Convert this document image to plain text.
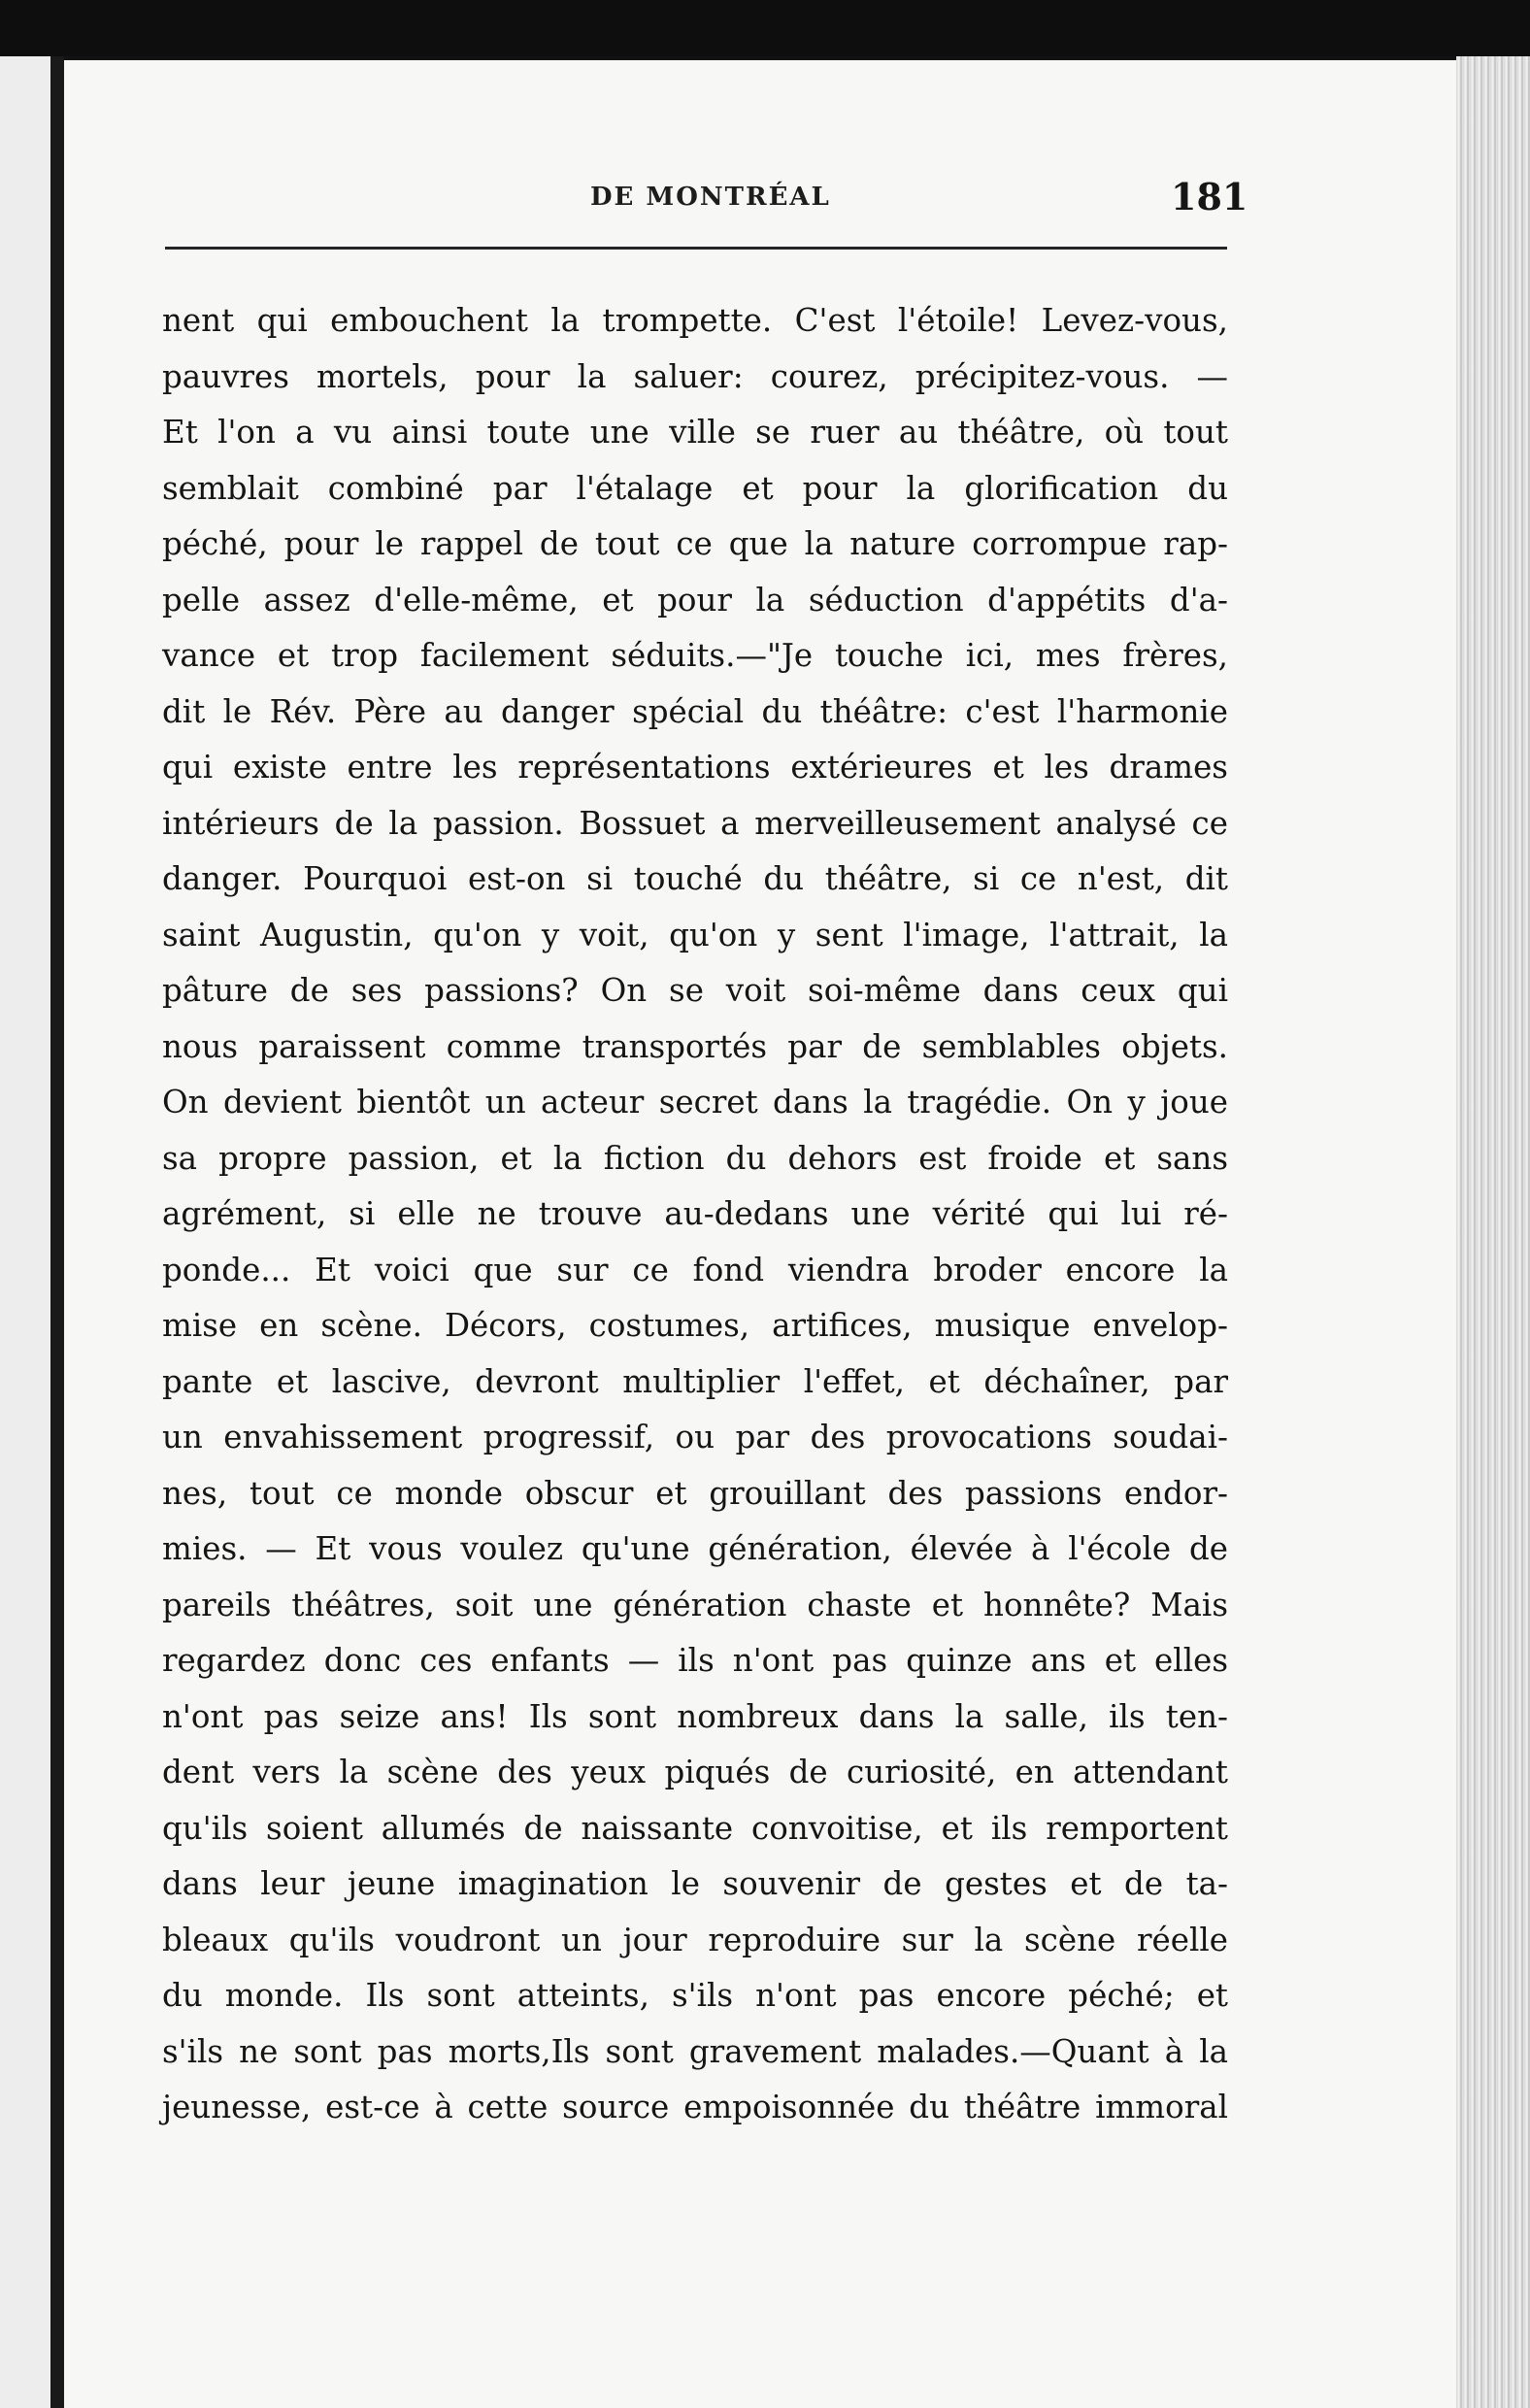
DE MONTRÉAL	181
nent qui embouchent la trompette. C'est l'étoile! Levez-vous,
pauvres mortels, pour la saluer: courez, précipitez-vous. —
Et l'on a vu ainsi toute une ville se ruer au théâtre, où tout
semblait combiné par l'étalage et pour la glorification du
péché, pour le rappel de tout ce que la nature corrompue rap-
pelle assez d'elle-même, et pour la séduction d'appétits d'a-
vance et trop facilement séduits.—"Je touche ici, mes frères,
dit le Rév. Père au danger spécial du théâtre: c'est l'harmonie
qui existe entre les représentations extérieures et les drames
intérieurs de la passion. Bossuet a merveilleusement analysé ce
danger. Pourquoi est-on si touché du théâtre, si ce n'est, dit
saint Augustin, qu'on y voit, qu'on y sent l'image, l'attrait, la
pâture de ses passions? On se voit soi-même dans ceux qui
nous paraissent comme transportés par de semblables objets.
On devient bientôt un acteur secret dans la tragédie. On y joue
sa propre passion, et la fiction du dehors est froide et sans
agrément, si elle ne trouve au-dedans une vérité qui lui ré-
ponde... Et voici que sur ce fond viendra broder encore la
mise en scène. Décors, costumes, artifices, musique envelop-
pante et lascive, devront multiplier l'effet, et déchaîner, par
un envahissement progressif, ou par des provocations soudai-
nes, tout ce monde obscur et grouillant des passions endor-
mies. — Et vous voulez qu'une génération, élevée à l'école de
pareils théâtres, soit une génération chaste et honnête? Mais
regardez donc ces enfants — ils n'ont pas quinze ans et elles
n'ont pas seize ans! Ils sont nombreux dans la salle, ils ten-
dent vers la scène des yeux piqués de curiosité, en attendant
qu'ils soient allumés de naissante convoitise, et ils remportent
dans leur jeune imagination le souvenir de gestes et de ta-
bleaux qu'ils voudront un jour reproduire sur la scène réelle
du monde. Ils sont atteints, s'ils n'ont pas encore péché; et
s'ils ne sont pas morts,Ils sont gravement malades.—Quant à la
jeunesse, est-ce à cette source empoisonnée du théâtre immoral
